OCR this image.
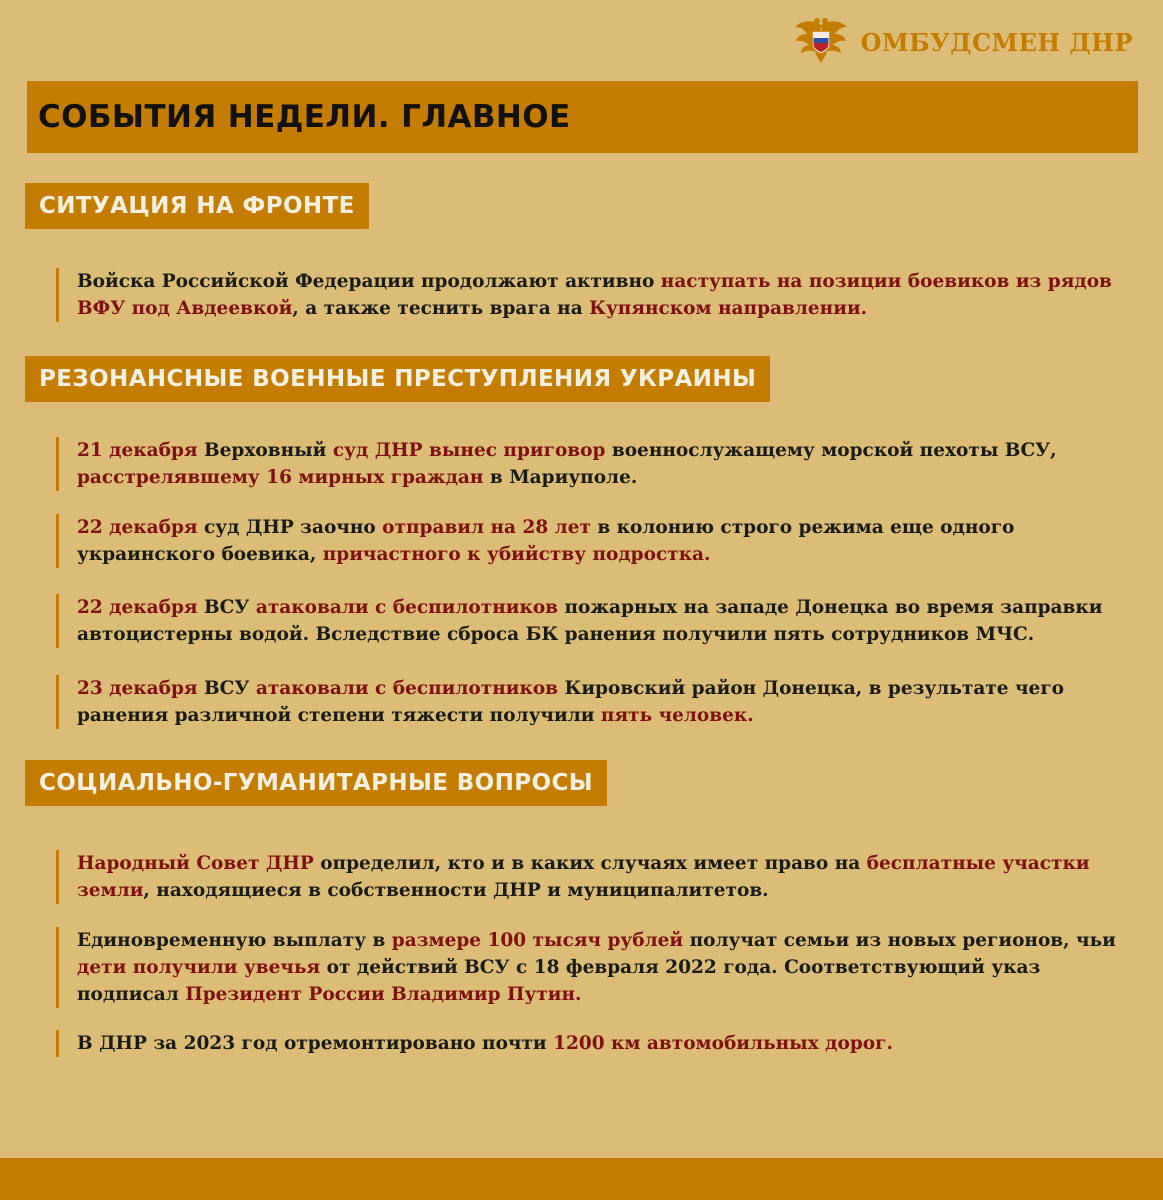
ОМБУДСМЕН ДНР
СОБЫТИЯ НЕДЕЛИ. ГЛАВНОЕ
СИТУАЦИЯ НА ФРОНТЕ
Войска Российской Федерации продолжают активно наступать на позиции боевиков из рядов ВФУ под Авдеевкой, а также теснить врага на Купянском направлении.
РЕЗОНАНСНЫЕ ВОЕННЫЕ ПРЕСТУПЛЕНИЯ УКРАИНЫ
21 декабря Верховный суд ДНР вынес приговор военнослужащему морской пехоты ВСУ, расстрелявшему 16 мирных граждан в Мариуполе.
22 декабря суд ДНР заочно отправил на 28 лет в колонию строго режима еще одного украинского боевика, причастного к убийству подростка.
22 декабря ВСУ атаковали с беспилотников пожарных на западе Донецка во время заправки автоцистерны водой. Вследствие сброса БК ранения получили пять сотрудников МЧС.
23 декабря ВСУ атаковали с беспилотников Кировский район Донецка, в результате чего ранения различной степени тяжести получили пять человек.
СОЦИАЛЬНО-ГУМАНИТАРНЫЕ ВОПРОСЫ
Народный Совет ДНР определил, кто и в каких случаях имеет право на бесплатные участки земли, находящиеся в собственности ДНР и муниципалитетов.
Единовременную выплату в размере 100 тысяч рублей получат семьи из новых регионов, чьи дети получили увечья от действий ВСУ с 18 февраля 2022 года. Соответствующий указ подписал Президент России Владимир Путин.
В ДНР за 2023 год отремонтировано почти 1200 км автомобильных дорог.
